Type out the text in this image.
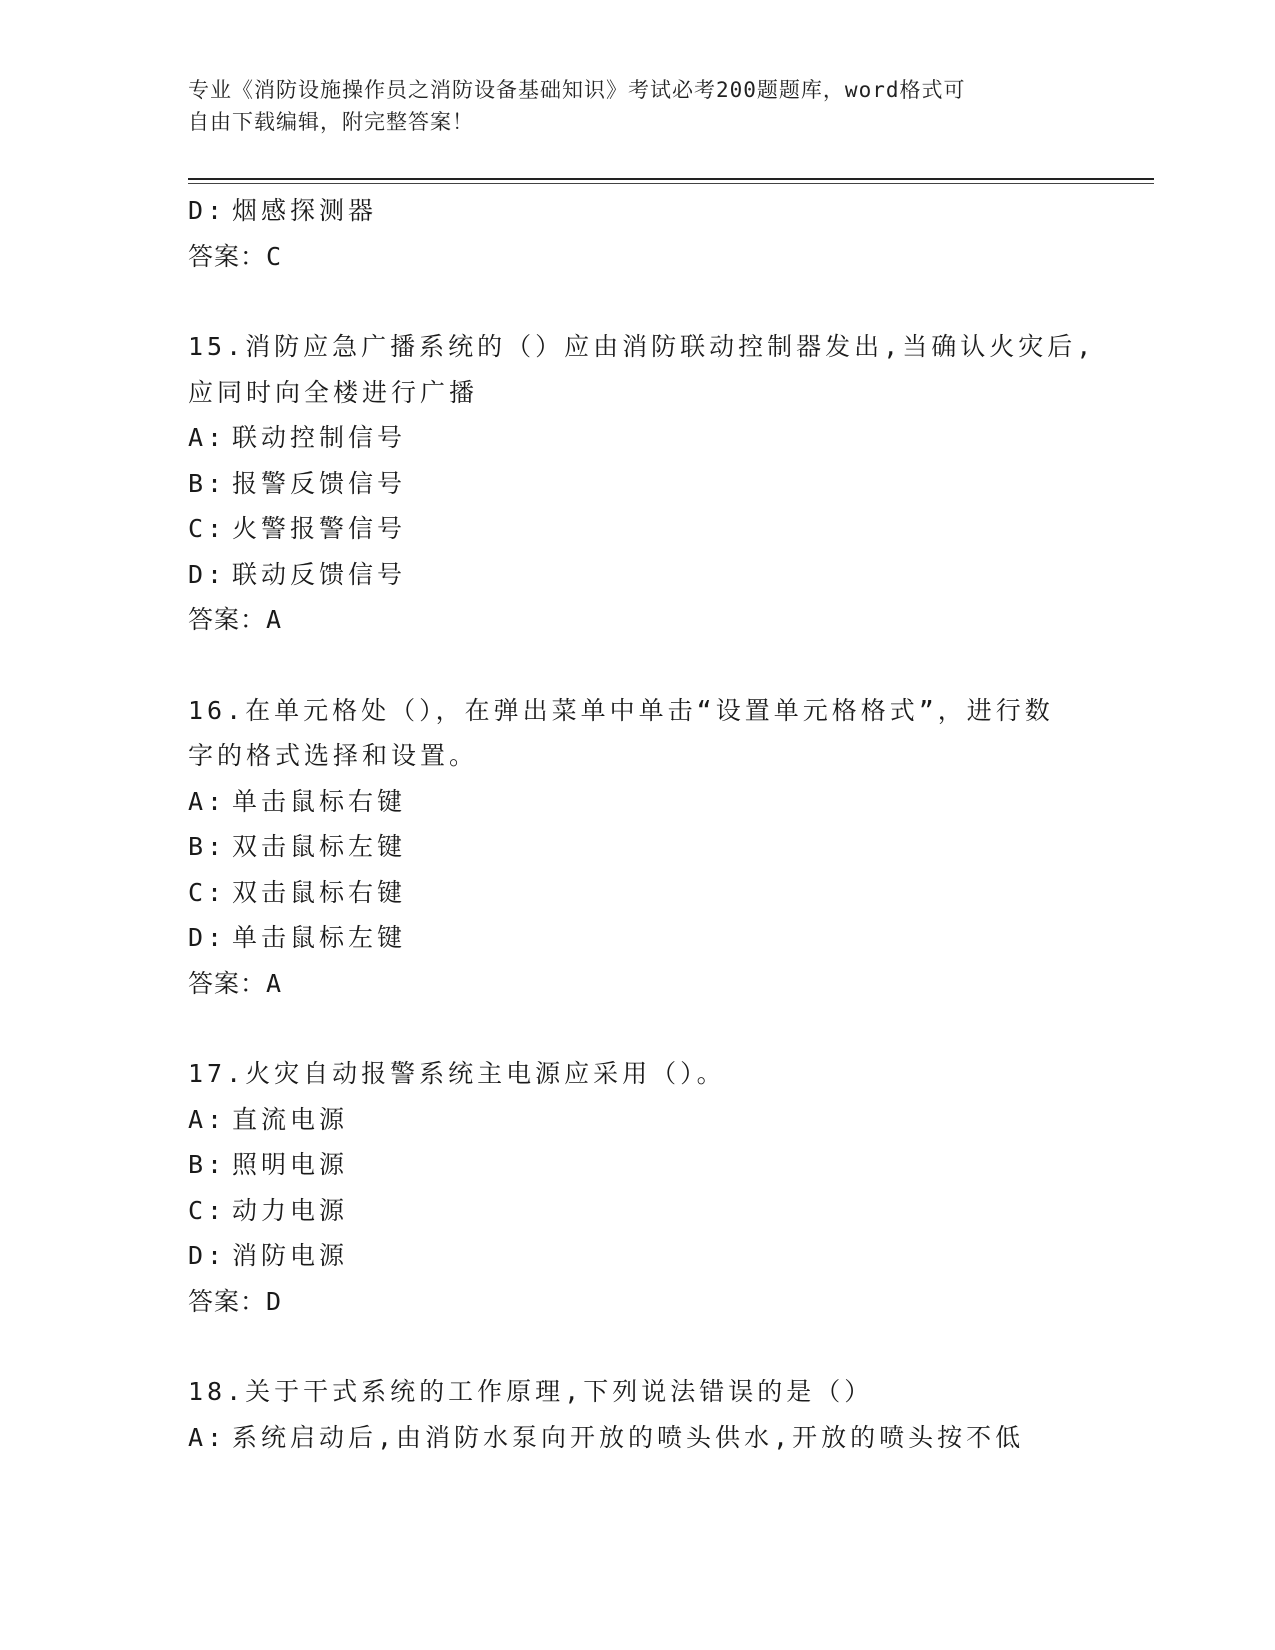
专业《消防设施操作员之消防设备基础知识》考试必考200题题库，word格式可
自由下载编辑，附完整答案！
D: 烟感探测器
答案：C
15.消防应急广播系统的（）应由消防联动控制器发出,当确认火灾后,
应同时向全楼进行广播
A: 联动控制信号
B: 报警反馈信号
C: 火警报警信号
D: 联动反馈信号
答案：A
16.在单元格处（），在弹出菜单中单击“设置单元格格式”，进行数
字的格式选择和设置。
A: 单击鼠标右键
B: 双击鼠标左键
C: 双击鼠标右键
D: 单击鼠标左键
答案：A
17.火灾自动报警系统主电源应采用（）。
A: 直流电源
B: 照明电源
C: 动力电源
D: 消防电源
答案：D
18.关于干式系统的工作原理,下列说法错误的是（）
A: 系统启动后,由消防水泵向开放的喷头供水,开放的喷头按不低
